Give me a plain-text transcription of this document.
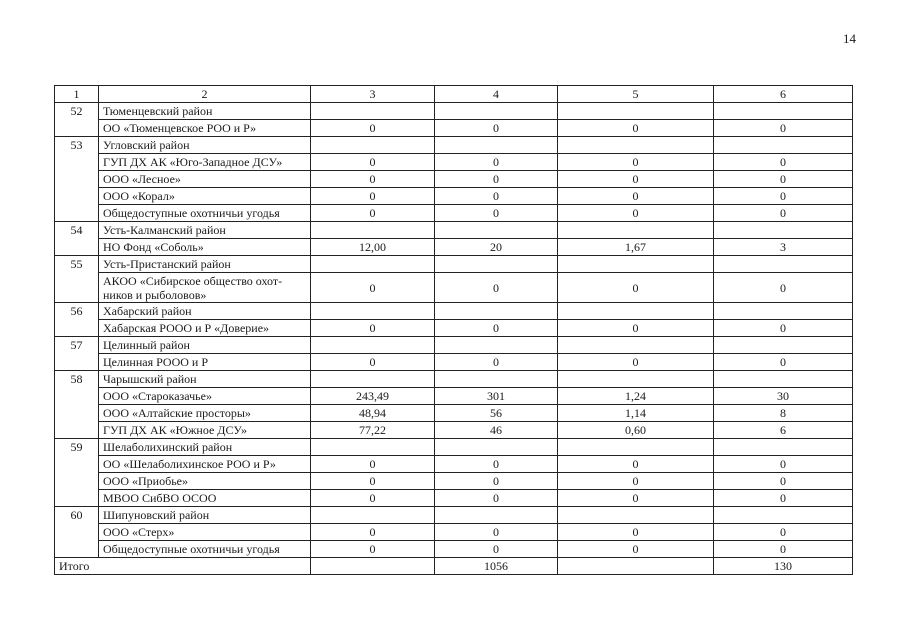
14
1	2	3	4	5	6
52	Тюменцевский район				
	ОО «Тюменцевское РОО и Р»	0	0	0	0
53	Угловский район				
	ГУП ДХ АК «Юго-Западное ДСУ»	0	0	0	0
	ООО «Лесное»	0	0	0	0
	ООО «Корал»	0	0	0	0
	Общедоступные охотничьи угодья	0	0	0	0
54	Усть-Калманский район				
	НО Фонд «Соболь»	12,00	20	1,67	3
55	Усть-Пристанский район				
	АКОО «Сибирское общество охот-ников и рыболовов»	0	0	0	0
56	Хабарский район				
	Хабарская РООО и Р «Доверие»	0	0	0	0
57	Целинный район				
	Целинная РООО и Р	0	0	0	0
58	Чарышский район				
	ООО «Староказачье»	243,49	301	1,24	30
	ООО «Алтайские просторы»	48,94	56	1,14	8
	ГУП ДХ АК «Южное ДСУ»	77,22	46	0,60	6
59	Шелаболихинский район				
	ОО «Шелаболихинское РОО и Р»	0	0	0	0
	ООО «Приобье»	0	0	0	0
	МВОО СибВО ОСОО	0	0	0	0
60	Шипуновский район				
	ООО «Стерх»	0	0	0	0
	Общедоступные охотничьи угодья	0	0	0	0
Итого			1056		130
